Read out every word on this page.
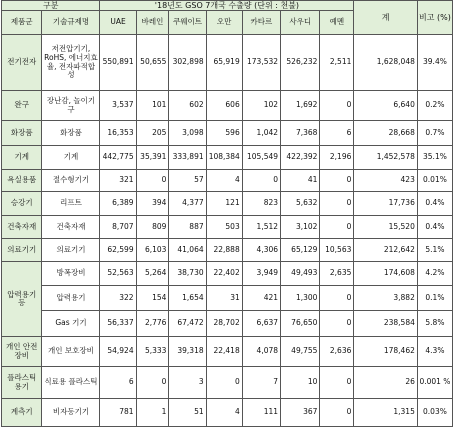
구분		'18년도 GSO 7개국 수출량 (단위 : 천불)							계	비고 (%)
제품군	기술규제명	UAE	바레인	쿠웨이트	오만	카타르	사우디	예멘		
전기전자	저전압기기, RoHS, 에너지효율, 전자파적합성	550,891	50,655	302,898	65,919	173,532	526,232	2,511	1,628,048	39.4%
완구	장난감, 놀이기구	3,537	101	602	606	102	1,692	0	6,640	0.2%
화장품	화장품	16,353	205	3,098	596	1,042	7,368	6	28,668	0.7%
기계	기계	442,775	35,391	333,891	108,384	105,549	422,392	2,196	1,452,578	35.1%
욕실용품	절수형기기	321	0	57	4	0	41	0	423	0.01%
승강기	리프트	6,389	394	4,377	121	823	5,632	0	17,736	0.4%
건축자재	건축자재	8,707	809	887	503	1,512	3,102	0	15,520	0.4%
의료기기	의료기기	62,599	6,103	41,064	22,888	4,306	65,129	10,563	212,642	5.1%
압력용기 등	방폭장비	52,563	5,264	38,730	22,402	3,949	49,493	2,635	174,608	4.2%
	압력용기	322	154	1,654	31	421	1,300	0	3,882	0.1%
	Gas 기기	56,337	2,776	67,472	28,702	6,637	76,650	0	238,584	5.8%
개인 안전장비	개인 보호장비	54,924	5,333	39,318	22,418	4,078	49,755	2,636	178,462	4.3%
플라스틱 용기	식료용 플라스틱	6	0	3	0	7	10	0	26	0.001 %
계측기	비자동기기	781	1	51	4	111	367	0	1,315	0.03%
